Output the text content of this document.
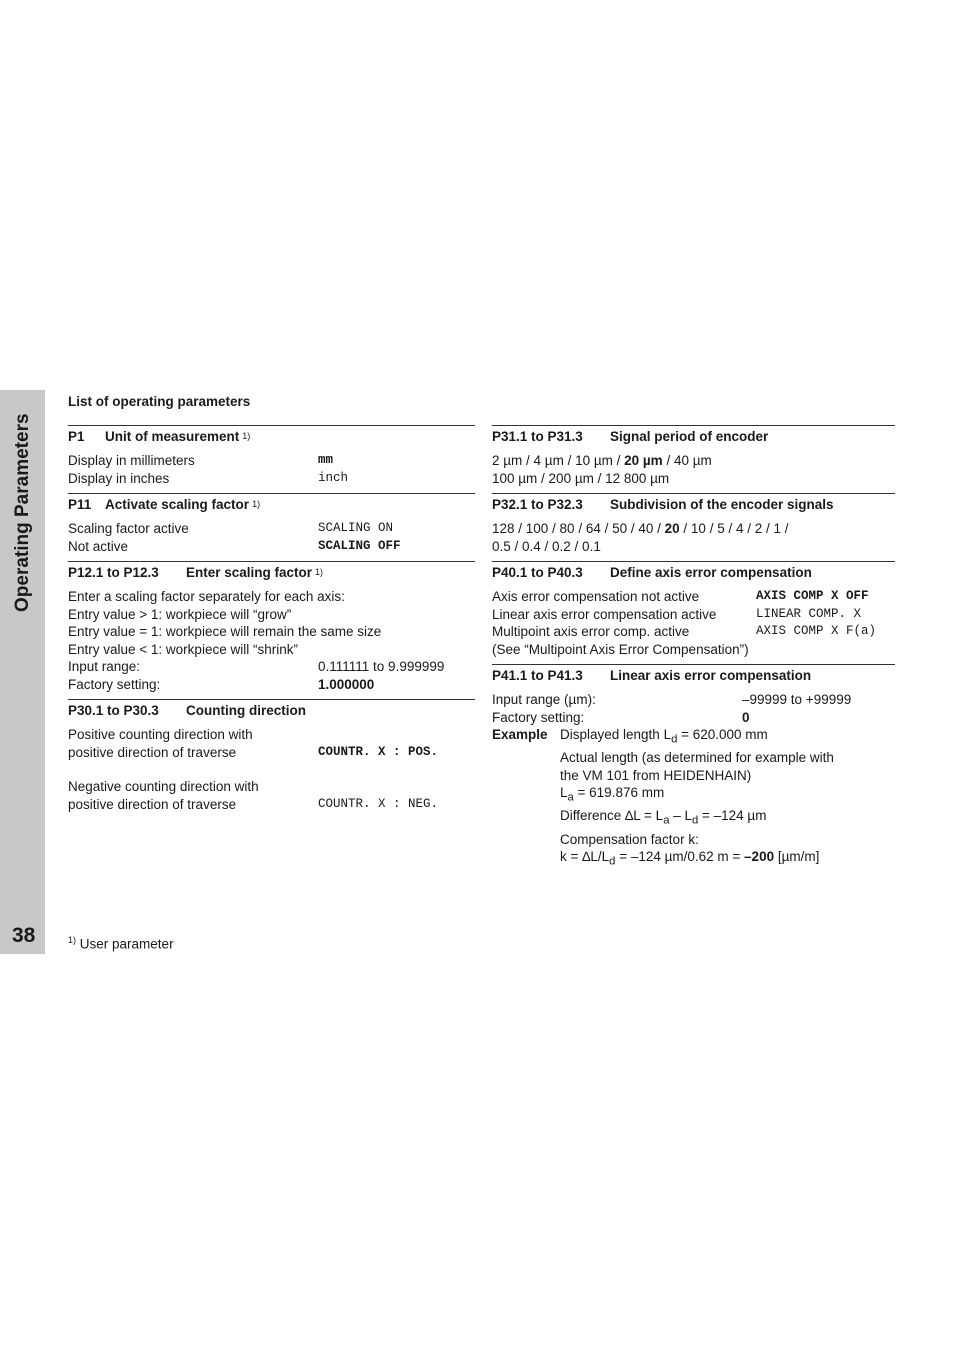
Operating Parameters
38
List of operating parameters
P1	Unit of measurement 1)
Display in millimeters	mm
Display in inches	inch
P11	Activate scaling factor 1)
Scaling factor active	SCALING ON
Not active	SCALING OFF
P12.1 to P12.3	Enter scaling factor 1)
Enter a scaling factor separately for each axis:
Entry value > 1: workpiece will “grow”
Entry value = 1: workpiece will remain the same size
Entry value < 1: workpiece will “shrink”
Input range:	0.111111 to 9.999999
Factory setting:	1.000000
P30.1 to P30.3	Counting direction
Positive counting direction with
positive direction of traverse	COUNTR. X : POS.
Negative counting direction with
positive direction of traverse	COUNTR. X : NEG.
P31.1 to P31.3	Signal period of encoder
2 µm / 4 µm / 10 µm / 20 µm / 40 µm
100 µm / 200 µm / 12 800 µm
P32.1 to P32.3	Subdivision of the encoder signals
128 / 100 / 80 / 64 / 50 / 40 / 20 / 10 / 5 / 4 / 2 / 1 /
0.5 / 0.4 / 0.2 / 0.1
P40.1 to P40.3	Define axis error compensation
Axis error compensation not active	AXIS COMP X OFF
Linear axis error compensation active	LINEAR COMP. X
Multipoint axis error comp. active	AXIS COMP X F(a)
(See “Multipoint Axis Error Compensation”)
P41.1 to P41.3	Linear axis error compensation
Input range (µm):	–99999 to +99999
Factory setting:	0
Example Displayed length $L_d = 620.000$ mm
Actual length (as determined for example with
the VM 101 from HEIDENHAIN)
$L_a = 619.876$ mm
Difference $\Delta L = L_a - L_d = -124$ µm
Compensation factor k:
$k = \Delta L/L_d = -124$ µm/0.62 m = –200 [µm/m]
$^{1)}$ User parameter
